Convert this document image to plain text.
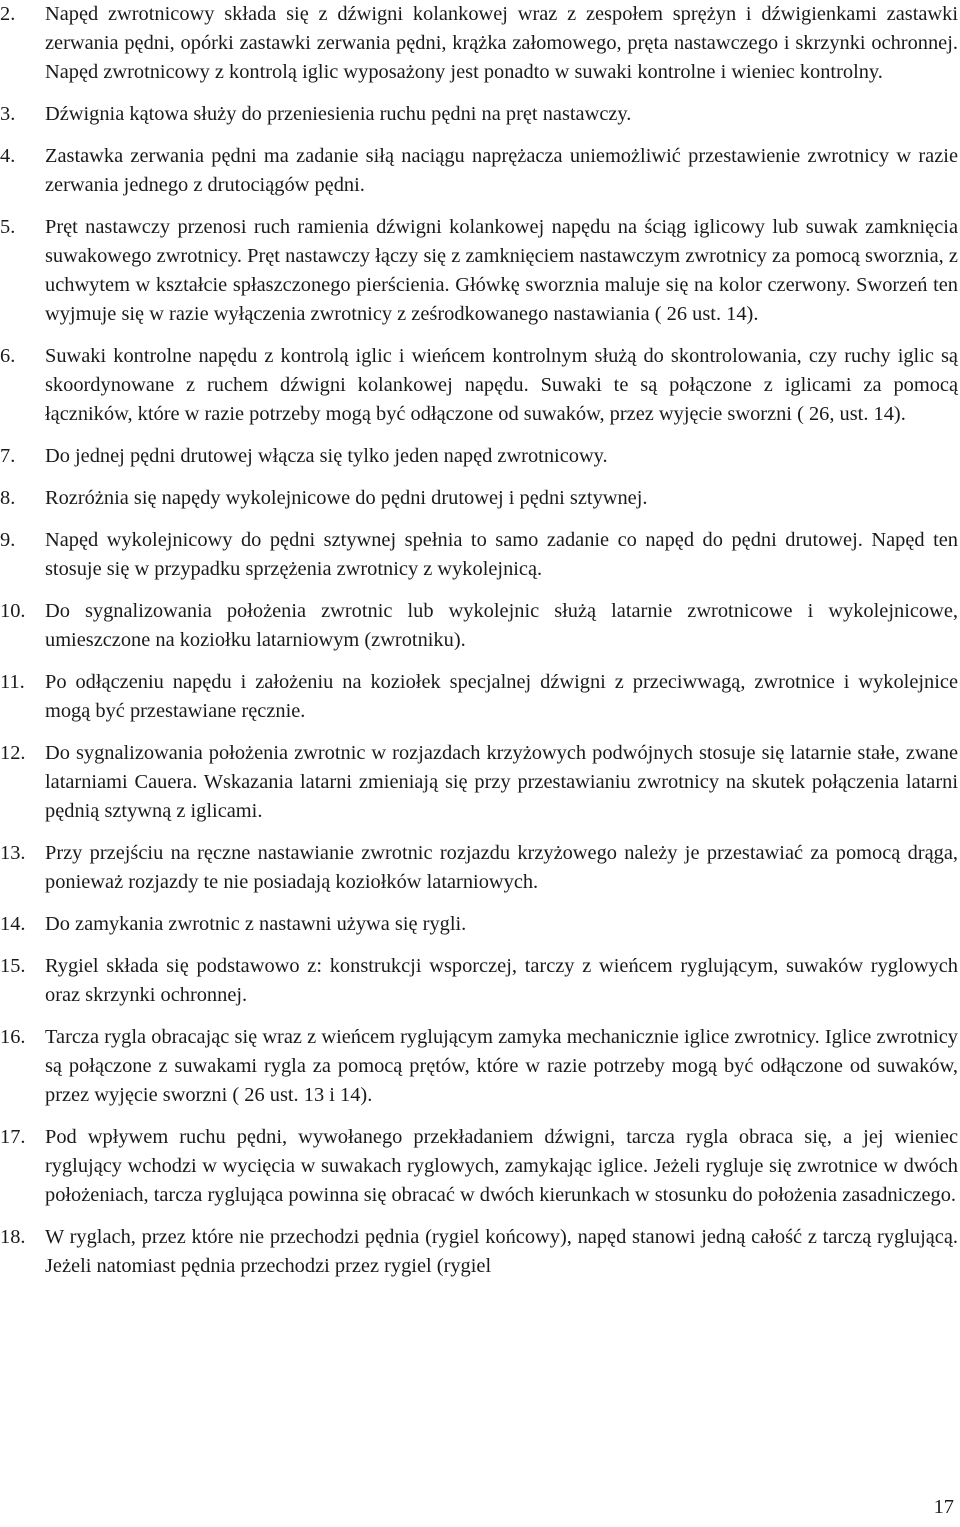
2. Napęd zwrotnicowy składa się z dźwigni kolankowej wraz z zespołem sprężyn i dźwigienkami zastawki zerwania pędni, opórki zastawki zerwania pędni, krążka załomowego, pręta nastawczego i skrzynki ochronnej. Napęd zwrotnicowy z kontrolą iglic wyposażony jest ponadto w suwaki kontrolne i wieniec kontrolny.
3. Dźwignia kątowa służy do przeniesienia ruchu pędni na pręt nastawczy.
4. Zastawka zerwania pędni ma zadanie siłą naciągu naprężacza uniemożliwić przestawienie zwrotnicy w razie zerwania jednego z drutociągów pędni.
5. Pręt nastawczy przenosi ruch ramienia dźwigni kolankowej napędu na ściąg iglicowy lub suwak zamknięcia suwakowego zwrotnicy. Pręt nastawczy łączy się z zamknięciem nastawczym zwrotnicy za pomocą sworznia, z uchwytem w kształcie spłaszczonego pierścienia. Główkę sworznia maluje się na kolor czerwony. Sworzeń ten wyjmuje się w razie wyłączenia zwrotnicy z ześrodkowanego nastawiania ( 26 ust. 14).
6. Suwaki kontrolne napędu z kontrolą iglic i wieńcem kontrolnym służą do skontrolowania, czy ruchy iglic są skoordynowane z ruchem dźwigni kolankowej napędu. Suwaki te są połączone z iglicami za pomocą łączników, które w razie potrzeby mogą być odłączone od suwaków, przez wyjęcie sworzni ( 26, ust. 14).
7. Do jednej pędni drutowej włącza się tylko jeden napęd zwrotnicowy.
8. Rozróżnia się napędy wykolejnicowe do pędni drutowej i pędni sztywnej.
9. Napęd wykolejnicowy do pędni sztywnej spełnia to samo zadanie co napęd do pędni drutowej. Napęd ten stosuje się w przypadku sprzężenia zwrotnicy z wykolejnicą.
10. Do sygnalizowania położenia zwrotnic lub wykolejnic służą latarnie zwrotnicowe i wykolejnicowe, umieszczone na koziołku latarniowym (zwrotniku).
11. Po odłączeniu napędu i założeniu na koziołek specjalnej dźwigni z przeciwwagą, zwrotnice i wykolejnice mogą być przestawiane ręcznie.
12. Do sygnalizowania położenia zwrotnic w rozjazdach krzyżowych podwójnych stosuje się latarnie stałe, zwane latarniami Cauera. Wskazania latarni zmieniają się przy przestawianiu zwrotnicy na skutek połączenia latarni pędnią sztywną z iglicami.
13. Przy przejściu na ręczne nastawianie zwrotnic rozjazdu krzyżowego należy je przestawiać za pomocą drąga, ponieważ rozjazdy te nie posiadają koziołków latarniowych.
14. Do zamykania zwrotnic z nastawni używa się rygli.
15. Rygiel składa się podstawowo z: konstrukcji wsporczej, tarczy z wieńcem ryglującym, suwaków ryglowych oraz skrzynki ochronnej.
16. Tarcza rygla obracając się wraz z wieńcem ryglującym zamyka mechanicznie iglice zwrotnicy. Iglice zwrotnicy są połączone z suwakami rygla za pomocą prętów, które w razie potrzeby mogą być odłączone od suwaków, przez wyjęcie sworzni ( 26 ust. 13 i 14).
17. Pod wpływem ruchu pędni, wywołanego przekładaniem dźwigni, tarcza rygla obraca się, a jej wieniec ryglujący wchodzi w wycięcia w suwakach ryglowych, zamykając iglice. Jeżeli rygluje się zwrotnice w dwóch położeniach, tarcza ryglująca powinna się obracać w dwóch kierunkach w stosunku do położenia zasadniczego.
18. W ryglach, przez które nie przechodzi pędnia (rygiel końcowy), napęd stanowi jedną całość z tarczą ryglującą. Jeżeli natomiast pędnia przechodzi przez rygiel (rygiel
17
